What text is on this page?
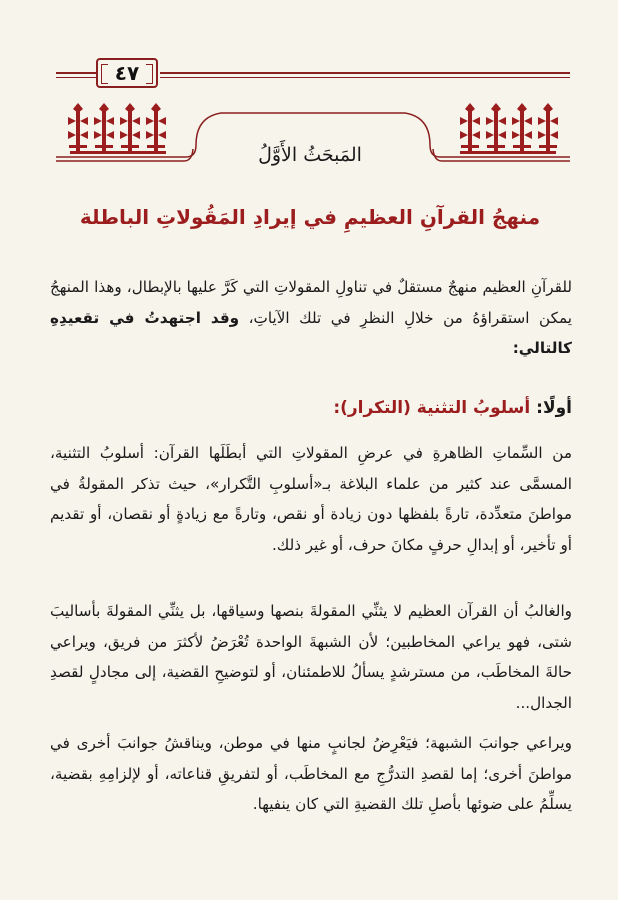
٤٧
المَبحَثُ الأَوَّلُ
منهجُ القرآنِ العظيمِ في إيرادِ المَقُولاتِ الباطلة

للقرآنِ العظيم منهجٌ مستقلٌ في تناولِ المقولاتِ التي كَرَّ عليها بالإبطال، وهذا المنهجُ يمكن استقراؤهُ من خلالِ النظرِ في تلك الآياتِ، وقد اجتهدتُ في تقعيدِهِ كالتالي:

أولًا: أسلوبُ التثنية (التكرار):

من السِّماتِ الظاهرةِ في عرضِ المقولاتِ التي أبطَلَها القرآن: أسلوبُ التثنية، المسمَّى عند كثير من علماء البلاغة بـ«أسلوبِ التَّكرار»، حيث تذكر المقولةُ في مواطنَ متعدِّدة، تارةً بلفظها دون زيادة أو نقص، وتارةً مع زيادةٍ أو نقصان، أو تقديم أو تأخير، أو إبدالِ حرفٍ مكانَ حرف، أو غير ذلك.

والغالبُ أن القرآن العظيم لا يثنِّي المقولةَ بنصها وسياقها، بل يثنِّي المقولةَ بأساليبَ شتى، فهو يراعي المخاطبين؛ لأن الشبهةَ الواحدة تُعْرَضُ لأكثرَ من فريق، ويراعي حالةَ المخاطَب، من مسترشدٍ يسألُ للاطمئنان، أو لتوضيحِ القضية، إلى مجادلٍ لقصدِ الجدال...

ويراعي جوانبَ الشبهة؛ فيَعْرِضُ لجانبٍ منها في موطن، ويناقشُ جوانبَ أخرى في مواطنَ أخرى؛ إما لقصدِ التدرُّجِ مع المخاطَب، أو لتفريقِ قناعاته، أو لإلزامِهِ بقضية، يسلِّمُ على ضوئها بأصلِ تلك القضيةِ التي كان ينفيها.
